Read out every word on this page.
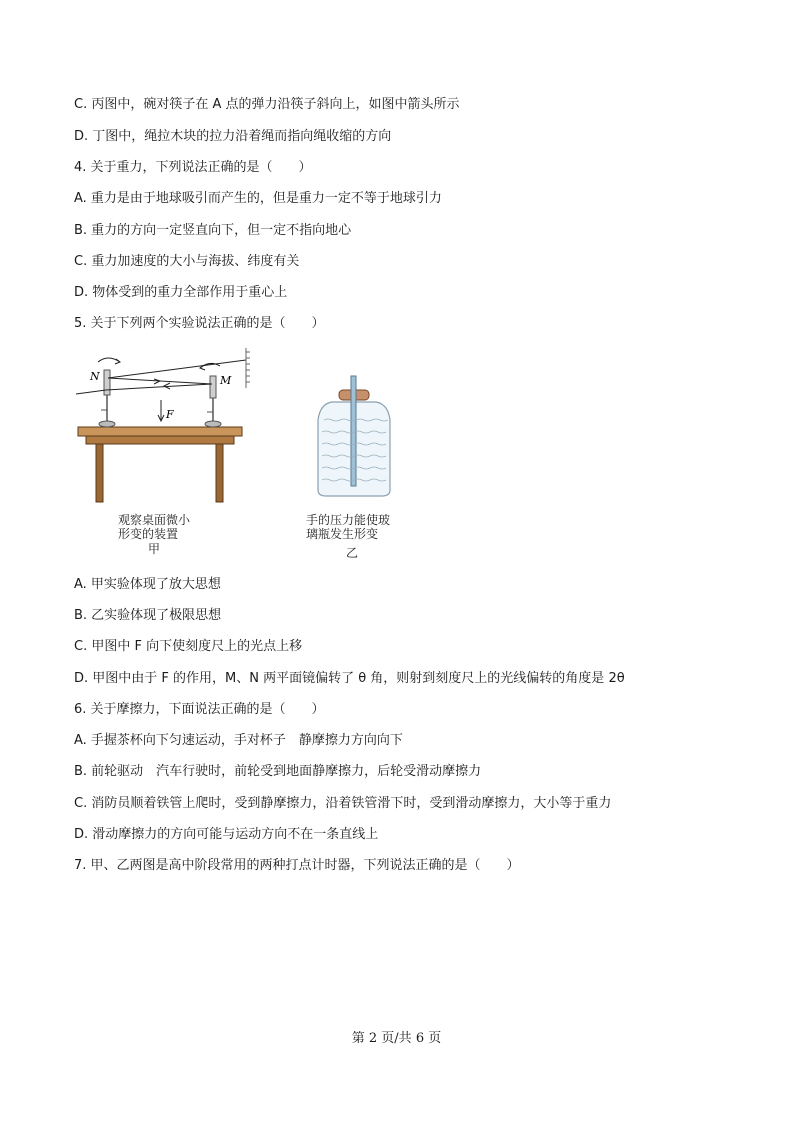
C. 丙图中，碗对筷子在 A 点的弹力沿筷子斜向上，如图中箭头所示
D. 丁图中，绳拉木块的拉力沿着绳而指向绳收缩的方向
4. 关于重力，下列说法正确的是（　　）
A. 重力是由于地球吸引而产生的，但是重力一定不等于地球引力
B. 重力的方向一定竖直向下，但一定不指向地心
C. 重力加速度的大小与海拔、纬度有关
D. 物体受到的重力全部作用于重心上
5. 关于下列两个实验说法正确的是（　　）
N	M
F
观察桌面微小
形变的装置
甲
手的压力能使玻
璃瓶发生形变
乙
A. 甲实验体现了放大思想
B. 乙实验体现了极限思想
C. 甲图中 F 向下使刻度尺上的光点上移
D. 甲图中由于 F 的作用，M、N 两平面镜偏转了 θ 角，则射到刻度尺上的光线偏转的角度是 2θ
6. 关于摩擦力，下面说法正确的是（　　）
A. 手握茶杯向下匀速运动，手对杯子　静摩擦力方向向下
B. 前轮驱动　汽车行驶时，前轮受到地面静摩擦力，后轮受滑动摩擦力
C. 消防员顺着铁管上爬时，受到静摩擦力，沿着铁管滑下时，受到滑动摩擦力，大小等于重力
D. 滑动摩擦力的方向可能与运动方向不在一条直线上
7. 甲、乙两图是高中阶段常用的两种打点计时器，下列说法正确的是（　　）
第 2 页/共 6 页
